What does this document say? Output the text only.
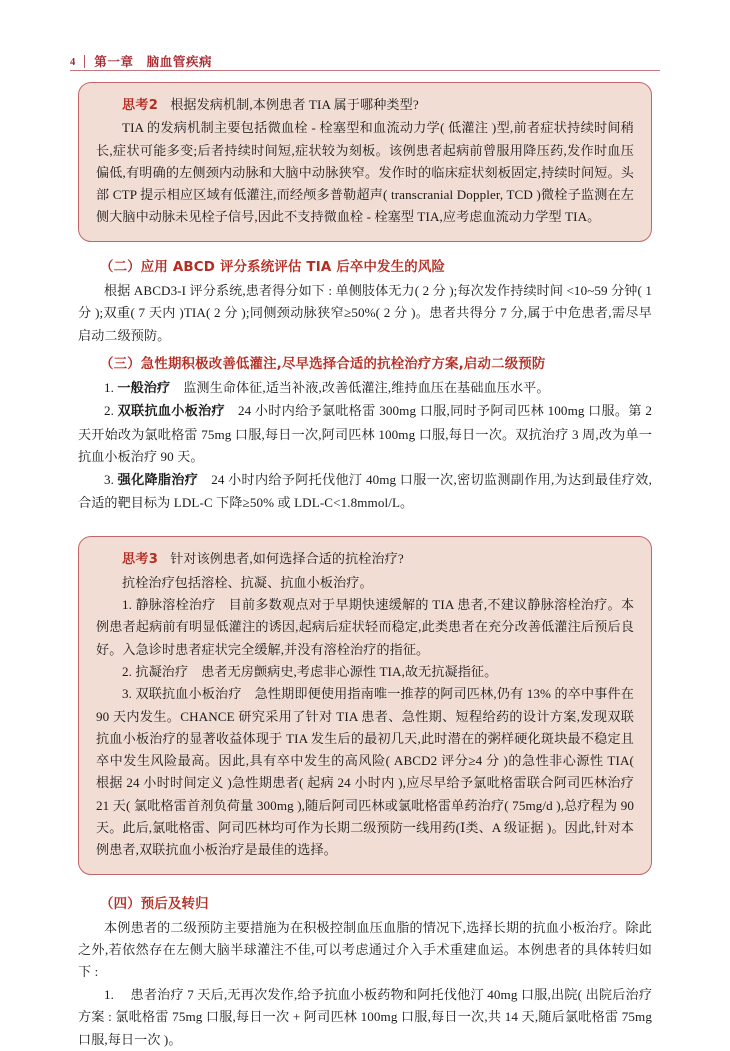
4	第一章　脑血管疾病

思考2 根据发病机制,本例患者 TIA 属于哪种类型?

TIA 的发病机制主要包括微血栓 - 栓塞型和血流动力学( 低灌注 )型,前者症状持续时间稍长,症状可能多变;后者持续时间短,症状较为刻板。该例患者起病前曾服用降压药,发作时血压偏低,有明确的左侧颈内动脉和大脑中动脉狭窄。发作时的临床症状刻板固定,持续时间短。头部 CTP 提示相应区域有低灌注,而经颅多普勒超声( transcranial Doppler, TCD )微栓子监测在左侧大脑中动脉未见栓子信号,因此不支持微血栓 - 栓塞型 TIA,应考虑血流动力学型 TIA。

（二）应用 ABCD 评分系统评估 TIA 后卒中发生的风险

根据 ABCD3-I 评分系统,患者得分如下 : 单侧肢体无力( 2 分 );每次发作持续时间 <10~59 分钟( 1 分 );双重( 7 天内 )TIA( 2 分 );同侧颈动脉狭窄≥50%( 2 分 )。患者共得分 7 分,属于中危患者,需尽早启动二级预防。

（三）急性期积极改善低灌注,尽早选择合适的抗栓治疗方案,启动二级预防

1. 一般治疗 监测生命体征,适当补液,改善低灌注,维持血压在基础血压水平。

2. 双联抗血小板治疗 24 小时内给予氯吡格雷 300mg 口服,同时予阿司匹林 100mg 口服。第 2 天开始改为氯吡格雷 75mg 口服,每日一次,阿司匹林 100mg 口服,每日一次。双抗治疗 3 周,改为单一抗血小板治疗 90 天。

3. 强化降脂治疗 24 小时内给予阿托伐他汀 40mg 口服一次,密切监测副作用,为达到最佳疗效,合适的靶目标为 LDL-C 下降≥50% 或 LDL-C<1.8mmol/L。

思考3 针对该例患者,如何选择合适的抗栓治疗?

抗栓治疗包括溶栓、抗凝、抗血小板治疗。

1. 静脉溶栓治疗 目前多数观点对于早期快速缓解的 TIA 患者,不建议静脉溶栓治疗。本例患者起病前有明显低灌注的诱因,起病后症状轻而稳定,此类患者在充分改善低灌注后预后良好。入急诊时患者症状完全缓解,并没有溶栓治疗的指征。

2. 抗凝治疗 患者无房颤病史,考虑非心源性 TIA,故无抗凝指征。

3. 双联抗血小板治疗 急性期即便使用指南唯一推荐的阿司匹林,仍有 13% 的卒中事件在 90 天内发生。CHANCE 研究采用了针对 TIA 患者、急性期、短程给药的设计方案,发现双联抗血小板治疗的显著收益体现于 TIA 发生后的最初几天,此时潜在的粥样硬化斑块最不稳定且卒中发生风险最高。因此,具有卒中发生的高风险( ABCD2 评分≥4 分 )的急性非心源性 TIA( 根据 24 小时时间定义 )急性期患者( 起病 24 小时内 ),应尽早给予氯吡格雷联合阿司匹林治疗 21 天( 氯吡格雷首剂负荷量 300mg ),随后阿司匹林或氯吡格雷单药治疗( 75mg/d ),总疗程为 90 天。此后,氯吡格雷、阿司匹林均可作为长期二级预防一线用药(Ⅰ类、A 级证据 )。因此,针对本例患者,双联抗血小板治疗是最佳的选择。

（四）预后及转归

本例患者的二级预防主要措施为在积极控制血压血脂的情况下,选择长期的抗血小板治疗。除此之外,若依然存在左侧大脑半球灌注不佳,可以考虑通过介入手术重建血运。本例患者的具体转归如下 :

1. 患者治疗 7 天后,无再次发作,给予抗血小板药物和阿托伐他汀 40mg 口服,出院( 出院后治疗方案 : 氯吡格雷 75mg 口服,每日一次 + 阿司匹林 100mg 口服,每日一次,共 14 天,随后氯吡格雷 75mg 口服,每日一次 )。
